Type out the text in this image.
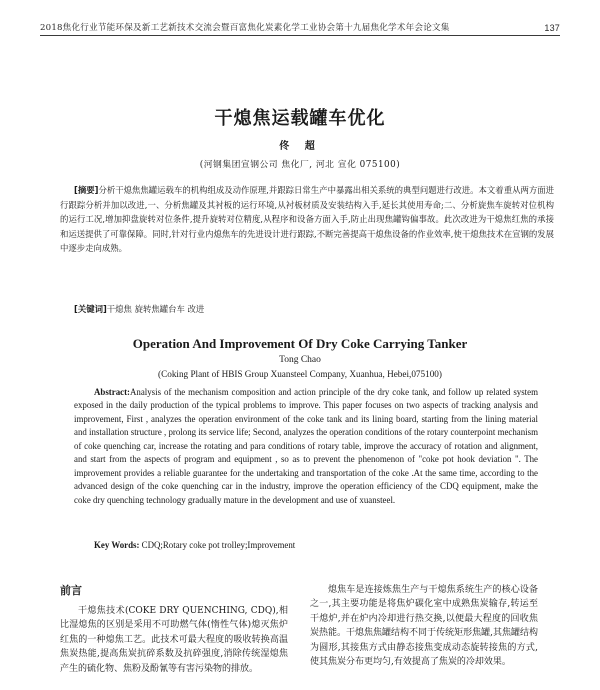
2018焦化行业节能环保及新工艺新技术交流会暨百富焦化炭素化学工业协会第十九届焦化学术年会论文集	137
干熄焦运载罐车优化
佟 超
(河钢集团宣钢公司 焦化厂, 河北 宣化 075100)
[摘要]分析干熄焦焦罐运载车的机构组成及动作原理,并跟踪日常生产中暴露出相关系统的典型问题进行改进。本文着重从两方面进行跟踪分析并加以改进,一、分析焦罐及其衬板的运行环境,从衬板材质及安装结构入手,延长其使用寿命;二、分析旋焦车旋转对位机构的运行工况,增加抑盘旋转对位条件,提升旋转对位精度,从程序和设备方面入手,防止出现焦罐钩偏事故。此次改进为干熄焦红焦的承接和运送提供了可靠保障。同时,针对行业内熄焦车的先进设计进行跟踪,不断完善提高干熄焦设备的作业效率,使干熄焦技术在宣钢的发展中逐步走向成熟。
[关键词]干熄焦 旋转焦罐台车 改进
Operation And Improvement Of Dry Coke Carrying Tanker
Tong Chao
(Coking Plant of HBIS Group Xuansteel Company, Xuanhua, Hebei,075100)
Abstract:Analysis of the mechanism composition and action principle of the dry coke tank, and follow up related system exposed in the daily production of the typical problems to improve. This paper focuses on two aspects of tracking analysis and improvement, First , analyzes the operation environment of the coke tank and its lining board, starting from the lining material and installation structure , prolong its service life; Second, analyzes the operation conditions of the rotary counterpoint mechanism of coke quenching car, increase the rotating and para conditions of rotary table, improve the accuracy of rotation and alignment, and start from the aspects of program and equipment , so as to prevent the phenomenon of "coke pot hook deviation ". The improvement provides a reliable guarantee for the undertaking and transportation of the coke .At the same time, according to the advanced design of the coke quenching car in the industry, improve the operation efficiency of the CDQ equipment, make the coke dry quenching technology gradually mature in the development and use of xuansteel.
Key Words: CDQ;Rotary coke pot trolley;Improvement
前言

干熄焦技术(COKE DRY QUENCHING, CDQ),相比湿熄焦的区别是采用不可助燃气体(惰性气体)熄灭焦炉红焦的一种熄焦工艺。此技术可最大程度的吸收转换高温焦炭热能,提高焦炭抗碎系数及抗碎强度,消除传统湿熄焦产生的硫化物、焦粉及酚氰等有害污染物的排放。

熄焦车是连接炼焦生产与干熄焦系统生产的核心设备之一,其主要功能是将焦炉碳化室中成熟焦炭输存,转运至干熄炉,并在炉内冷却进行热交换,以便最大程度的回收焦炭热能。干熄焦焦罐结构不同于传统矩形焦罐,其焦罐结构为圆形,其接焦方式由静态接焦变成动态旋转接焦的方式,使其焦炭分布更均匀,有效提高了焦炭的冷却效果。
